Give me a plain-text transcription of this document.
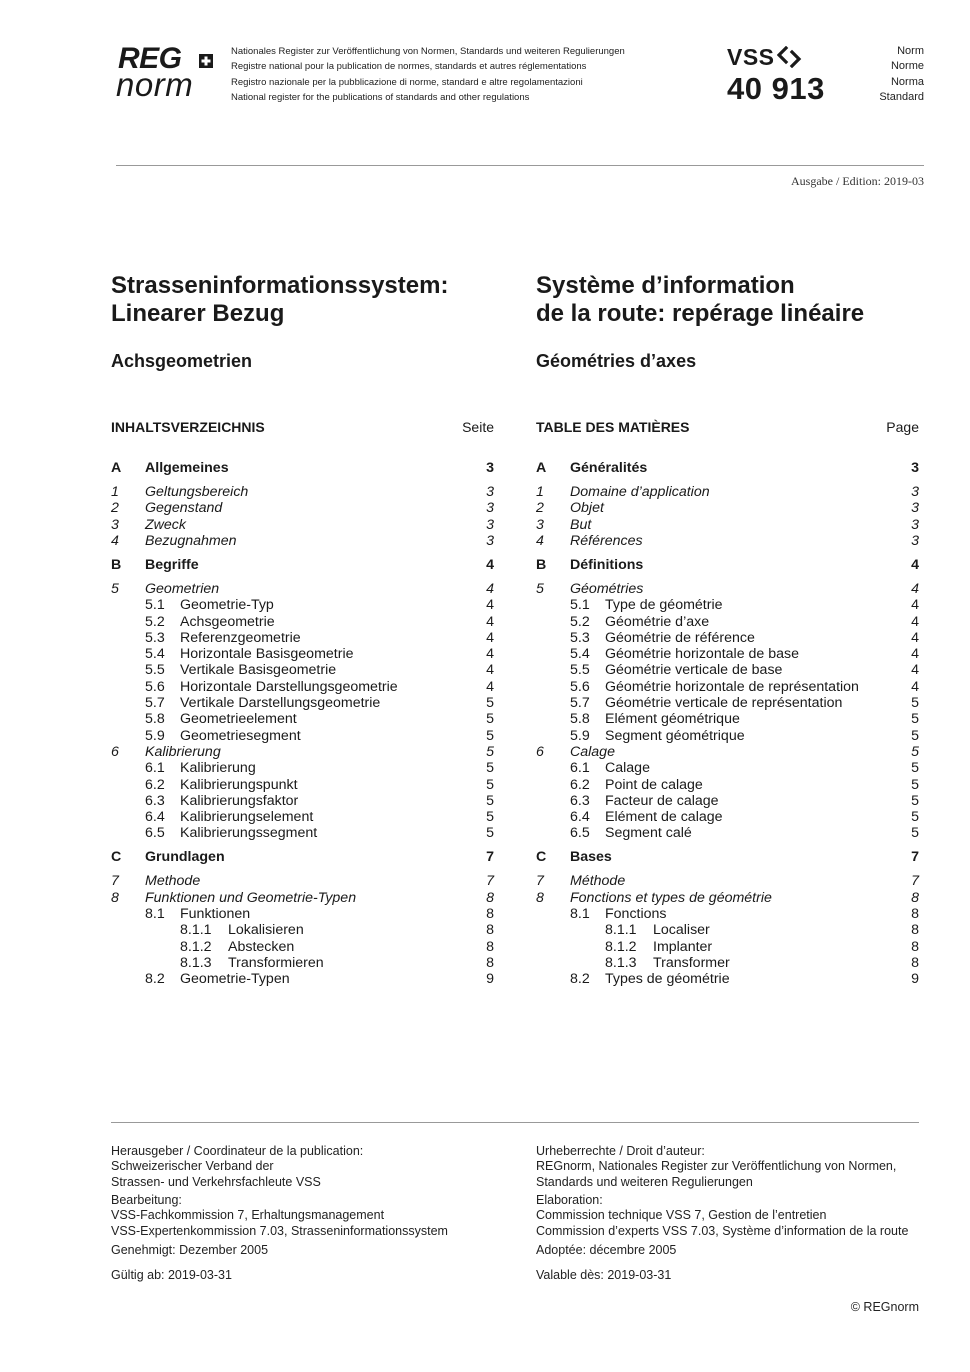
REG
norm
Nationales Register zur Veröffentlichung von Normen, Standards und weiteren Regulierungen
Registre national pour la publication de normes, standards et autres réglementations
Registro nazionale per la pubblicazione di norme, standard e altre regolamentazioni
National register for the publications of standards and other regulations
VSS
40 913
Norm
Norme
Norma
Standard
Ausgabe / Edition: 2019-03
Strasseninformationssystem:
Linearer Bezug
Achsgeometrien
INHALTSVERZEICHNIS	Seite
A Allgemeines	3
1 Geltungsbereich	3
2 Gegenstand	3
3 Zweck	3
4 Bezugnahmen	3
B Begriffe	4
5 Geometrien	4
5.1 Geometrie-Typ	4
5.2 Achsgeometrie	4
5.3 Referenzgeometrie	4
5.4 Horizontale Basisgeometrie	4
5.5 Vertikale Basisgeometrie	4
5.6 Horizontale Darstellungsgeometrie	4
5.7 Vertikale Darstellungsgeometrie	5
5.8 Geometrieelement	5
5.9 Geometriesegment	5
6 Kalibrierung	5
6.1 Kalibrierung	5
6.2 Kalibrierungspunkt	5
6.3 Kalibrierungsfaktor	5
6.4 Kalibrierungselement	5
6.5 Kalibrierungssegment	5
C Grundlagen	7
7 Methode	7
8 Funktionen und Geometrie-Typen	8
8.1 Funktionen	8
8.1.1 Lokalisieren	8
8.1.2 Abstecken	8
8.1.3 Transformieren	8
8.2 Geometrie-Typen	9
Système d’information
de la route: repérage linéaire
Géométries d’axes
TABLE DES MATIÈRES	Page
A Généralités	3
1 Domaine d’application	3
2 Objet	3
3 But	3
4 Références	3
B Définitions	4
5 Géométries	4
5.1 Type de géométrie	4
5.2 Géométrie d’axe	4
5.3 Géométrie de référence	4
5.4 Géométrie horizontale de base	4
5.5 Géométrie verticale de base	4
5.6 Géométrie horizontale de représentation	4
5.7 Géométrie verticale de représentation	5
5.8 Elément géométrique	5
5.9 Segment géométrique	5
6 Calage	5
6.1 Calage	5
6.2 Point de calage	5
6.3 Facteur de calage	5
6.4 Elément de calage	5
6.5 Segment calé	5
C Bases	7
7 Méthode	7
8 Fonctions et types de géométrie	8
8.1 Fonctions	8
8.1.1 Localiser	8
8.1.2 Implanter	8
8.1.3 Transformer	8
8.2 Types de géométrie	9
Herausgeber / Coordinateur de la publication:
Schweizerischer Verband der
Strassen- und Verkehrsfachleute VSS
Bearbeitung:
VSS-Fachkommission 7, Erhaltungsmanagement
VSS-Expertenkommission 7.03, Strasseninformationssystem
Genehmigt: Dezember 2005
Gültig ab: 2019-03-31
Urheberrechte / Droit d’auteur:
REGnorm, Nationales Register zur Veröffentlichung von Normen,
Standards und weiteren Regulierungen
Elaboration:
Commission technique VSS 7, Gestion de l’entretien
Commission d’experts VSS 7.03, Système d’information de la route
Adoptée: décembre 2005
Valable dès: 2019-03-31
© REGnorm
